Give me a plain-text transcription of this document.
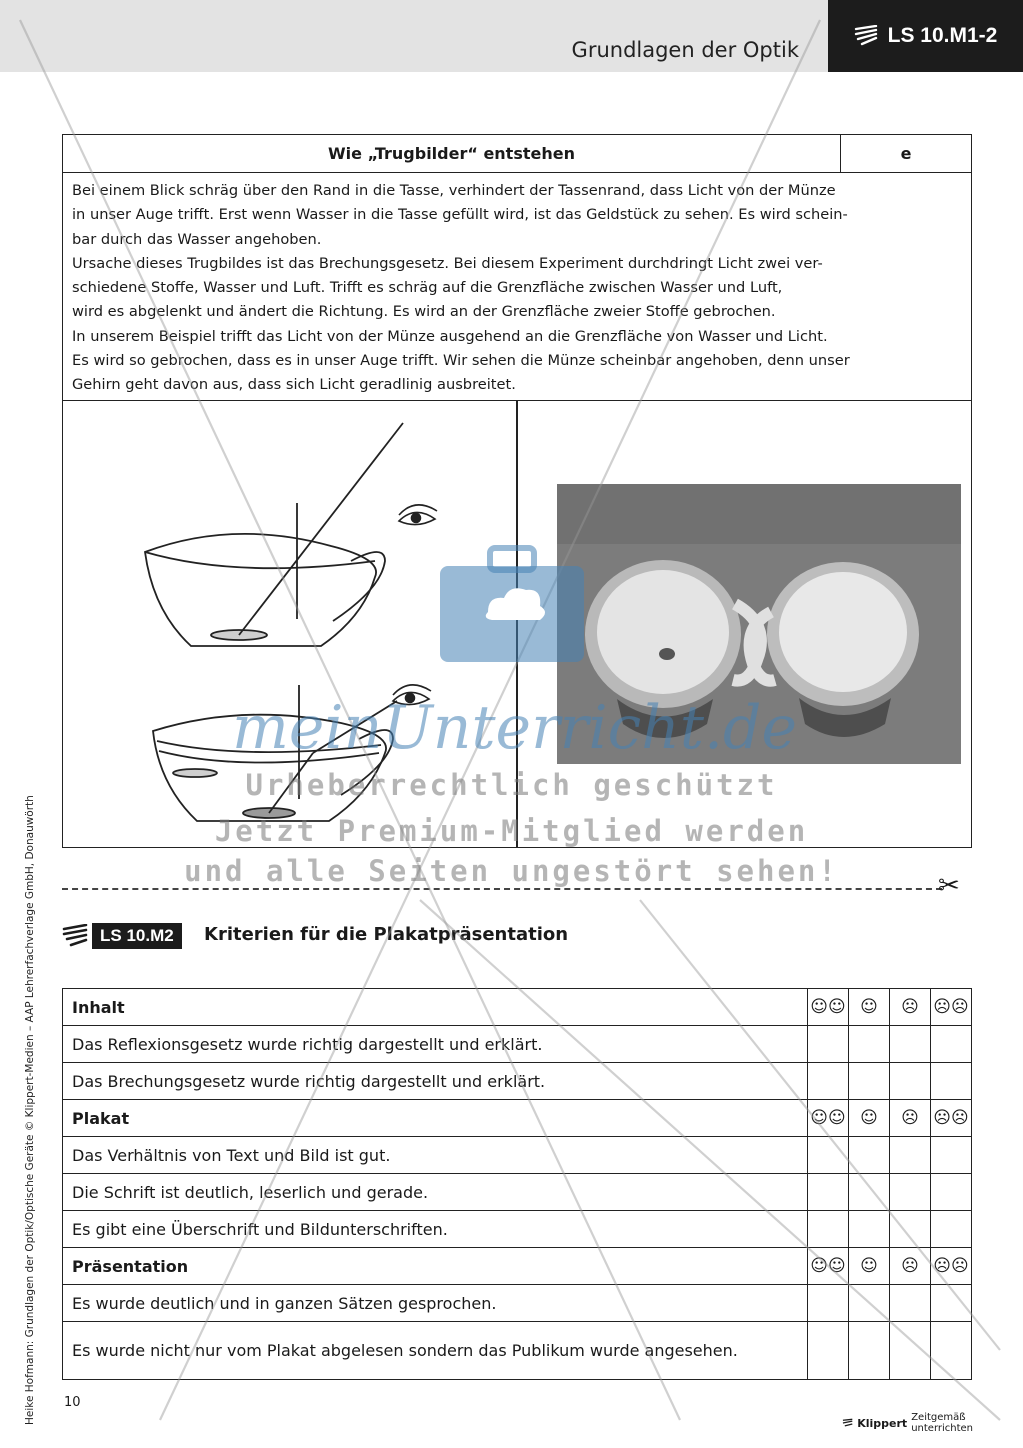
Grundlagen der Optik
LS 10.M1-2
Heike Hofmann: Grundlagen der Optik/Optische Geräte © Klippert-Medien – AAP Lehrerfachverlage GmbH, Donauwörth
Wie „Trugbilder“ entstehen	e

Bei einem Blick schräg über den Rand in die Tasse, verhindert der Tassenrand, dass Licht von der Münze

in unser Auge trifft. Erst wenn Wasser in die Tasse gefüllt wird, ist das Geldstück zu sehen. Es wird schein-

bar durch das Wasser angehoben.

Ursache dieses Trugbildes ist das Brechungsgesetz. Bei diesem Experiment durchdringt Licht zwei ver-

schiedene Stoffe, Wasser und Luft. Trifft es schräg auf die Grenzfläche zwischen Wasser und Luft,

wird es abgelenkt und ändert die Richtung. Es wird an der Grenzfläche zweier Stoffe gebrochen.

In unserem Beispiel trifft das Licht von der Münze ausgehend an die Grenzfläche von Wasser und Licht.

Es wird so gebrochen, dass es in unser Auge trifft. Wir sehen die Münze scheinbar angehoben, denn unser

Gehirn geht davon aus, dass sich Licht geradlinig ausbreitet.

✂
LS 10.M2	Kriterien für die Plakatpräsentation
Inhalt	☺☺	☺	☹	☹☹
Das Reflexionsgesetz wurde richtig dargestellt und erklärt.				
Das Brechungsgesetz wurde richtig dargestellt und erklärt.				
Plakat	☺☺	☺	☹	☹☹
Das Verhältnis von Text und Bild ist gut.				
Die Schrift ist deutlich, leserlich und gerade.				
Es gibt eine Überschrift und Bildunterschriften.				
Präsentation	☺☺	☺	☹	☹☹
Es wurde deutlich und in ganzen Sätzen gesprochen.				
Es wurde nicht nur vom Plakat abgelesen sondern das Publikum wurde angesehen.				
10
Klippert Zeitgemäß unterrichten
meinUnterricht.de
Urheberrechtlich geschützt
Jetzt Premium-Mitglied werden
und alle Seiten ungestört sehen!
